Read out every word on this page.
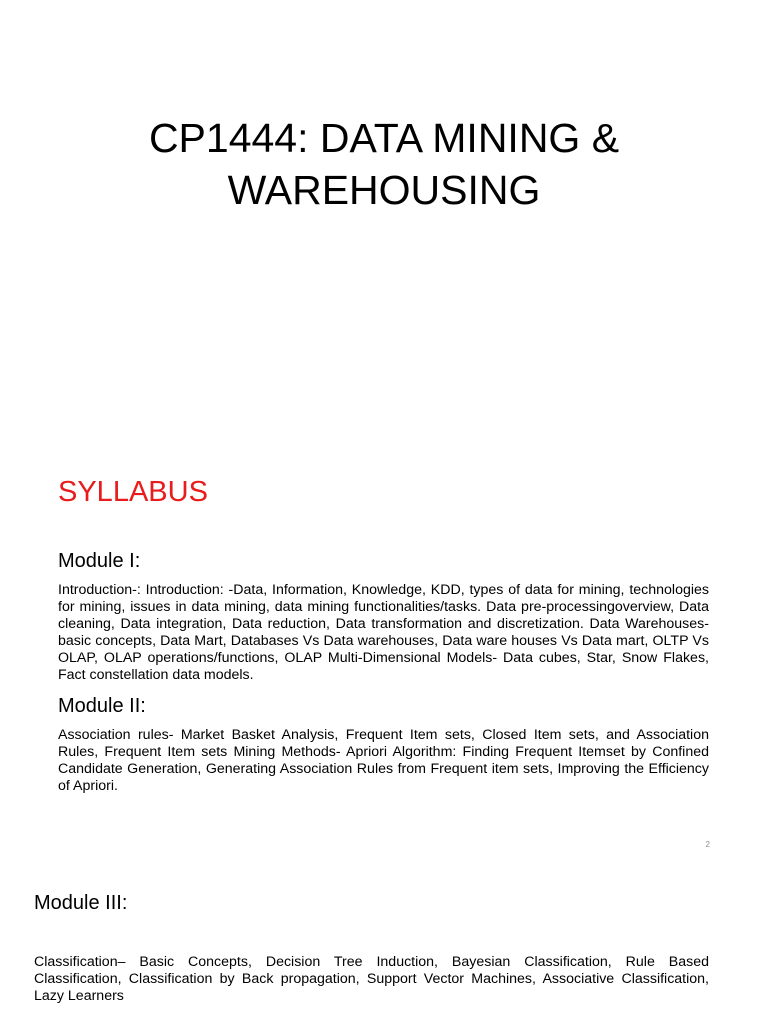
CP1444: DATA MINING &
WAREHOUSING
SYLLABUS
Module I:

Introduction-: Introduction: -Data, Information, Knowledge, KDD, types of data for mining, technologies for mining, issues in data mining, data mining functionalities/tasks. Data pre-processingoverview, Data cleaning, Data integration, Data reduction, Data transformation and discretization. Data Warehouses-basic concepts, Data Mart, Databases Vs Data warehouses, Data ware houses Vs Data mart, OLTP Vs OLAP, OLAP operations/functions, OLAP Multi-Dimensional Models- Data cubes, Star, Snow Flakes, Fact constellation data models.

Module II:

Association rules- Market Basket Analysis, Frequent Item sets, Closed Item sets, and Association Rules, Frequent Item sets Mining Methods- Apriori Algorithm: Finding Frequent Itemset by Confined Candidate Generation, Generating Association Rules from Frequent item sets, Improving the Efficiency of Apriori.

2
Module III:

Classification– Basic Concepts, Decision Tree Induction, Bayesian Classification, Rule Based Classification, Classification by Back propagation, Support Vector Machines, Associative Classification, Lazy Learners
